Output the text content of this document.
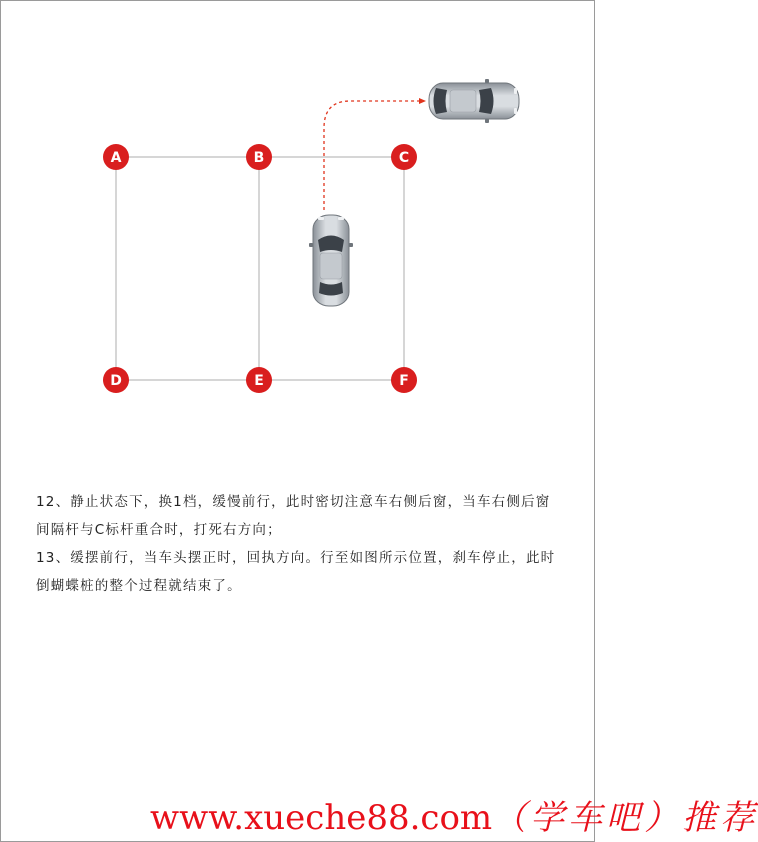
A	B	C
D	E	F

12、静止状态下，换1档，缓慢前行，此时密切注意车右侧后窗，当车右侧后窗间隔杆与C标杆重合时，打死右方向；

13、缓摆前行，当车头摆正时，回执方向。行至如图所示位置，刹车停止，此时倒蝴蝶桩的整个过程就结束了。

www.xueche88.com（学车吧）推荐
